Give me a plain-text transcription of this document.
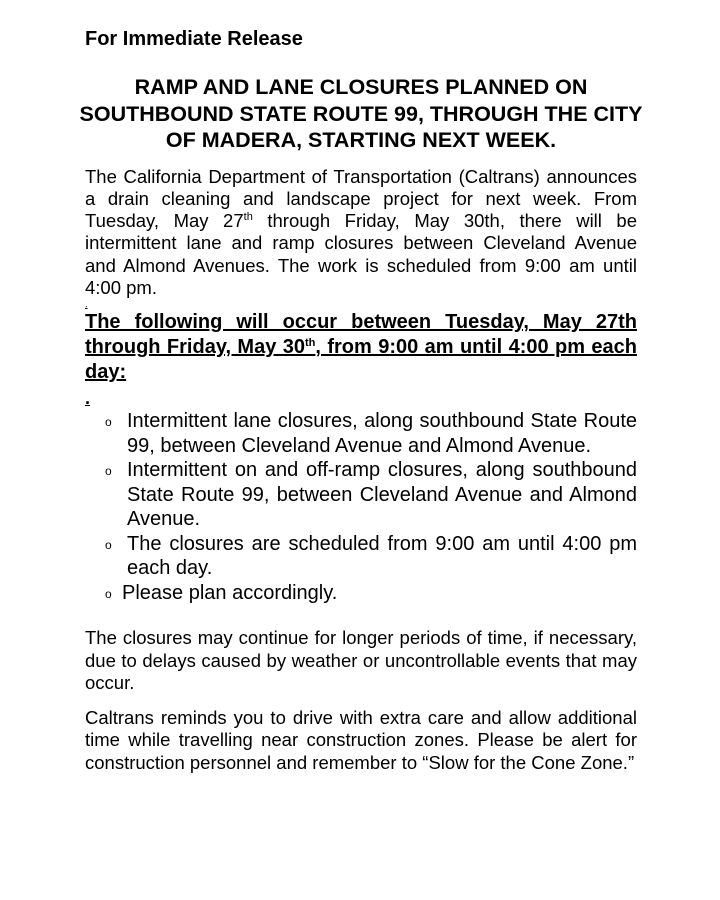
For Immediate Release
RAMP AND LANE CLOSURES PLANNED ON SOUTHBOUND STATE ROUTE 99, THROUGH THE CITY OF MADERA, STARTING NEXT WEEK.

The California Department of Transportation (Caltrans) announces a drain cleaning and landscape project for next week. From Tuesday, May 27th through Friday, May 30th, there will be intermittent lane and ramp closures between Cleveland Avenue and Almond Avenues. The work is scheduled from 9:00 am until 4:00 pm.

.

The following will occur between Tuesday, May 27th through Friday, May 30th, from 9:00 am until 4:00 pm each day:

.
o Intermittent lane closures, along southbound State Route 99, between Cleveland Avenue and Almond Avenue.
o Intermittent on and off-ramp closures, along southbound State Route 99, between Cleveland Avenue and Almond Avenue.
o The closures are scheduled from 9:00 am until 4:00 pm each day.
o Please plan accordingly.

The closures may continue for longer periods of time, if necessary, due to delays caused by weather or uncontrollable events that may occur.

Caltrans reminds you to drive with extra care and allow additional time while travelling near construction zones. Please be alert for construction personnel and remember to “Slow for the Cone Zone.”
